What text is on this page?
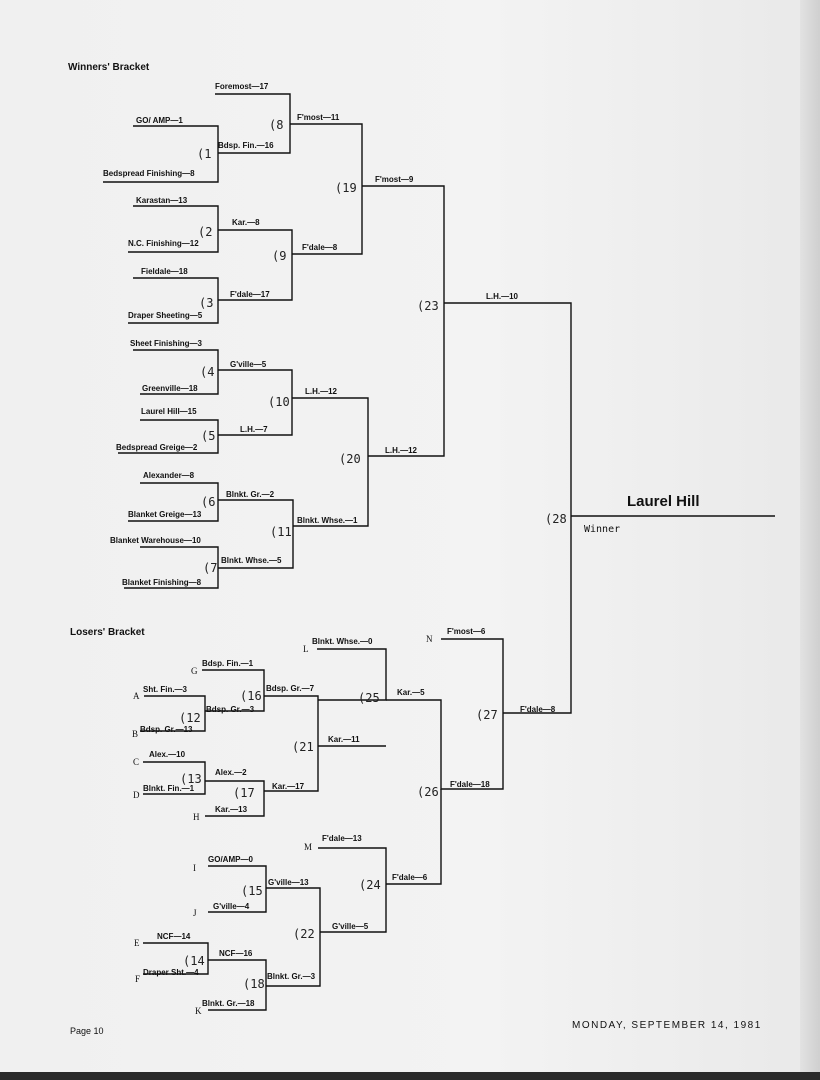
Winners' Bracket
Losers' Bracket
Foremost—17
GO/ AMP—1
Bdsp. Fin.—16
Bedspread Finishing—8
F'most—11
Karastan—13
Kar.—8
N.C. Finishing—12	F'dale—8
Fieldale—18
F'dale—17
Draper Sheeting—5
F'most—9
Sheet Finishing—3
G'ville—5
Greenville—18	L.H.—12
Laurel Hill—15
L.H.—7
Bedspread Greige—2	L.H.—12
Alexander—8
Blnkt. Gr.—2
Blanket Greige—13
Blnkt. Whse.—1
Blanket Warehouse—10
Blnkt. Whse.—5
Blanket Finishing—8
L.H.—10
Laurel Hill
Winner
Blnkt. Whse.—0
F'most—6
Bdsp. Fin.—1
Sht. Fin.—3	Bdsp. Gr.—7
Bdsp. Gr.—3
Kar.—5
Bdsp. Gr.—13
F'dale—8
Alex.—10
Kar.—11
Alex.—2
Blnkt. Fin.—1	Kar.—17
Kar.—13
F'dale—18
F'dale—13
GO/AMP—0
G'ville—13
F'dale—6
G'ville—4
G'ville—5
NCF—14
NCF—16
Draper Sht.—4	Blnkt. Gr.—3
Blnkt. Gr.—18
(1
(2
(3
(4
(5
(6
(7
(8
(9
(10
(11
(12
(13
(14
(15
(16
(17
(18
(19
(20
(21
(22
(23
(24
(25
(26
(27
(28
G
A
B
C
D
H
I
J
E
F
K
L
M
N
Page 10	MONDAY, SEPTEMBER 14, 1981
